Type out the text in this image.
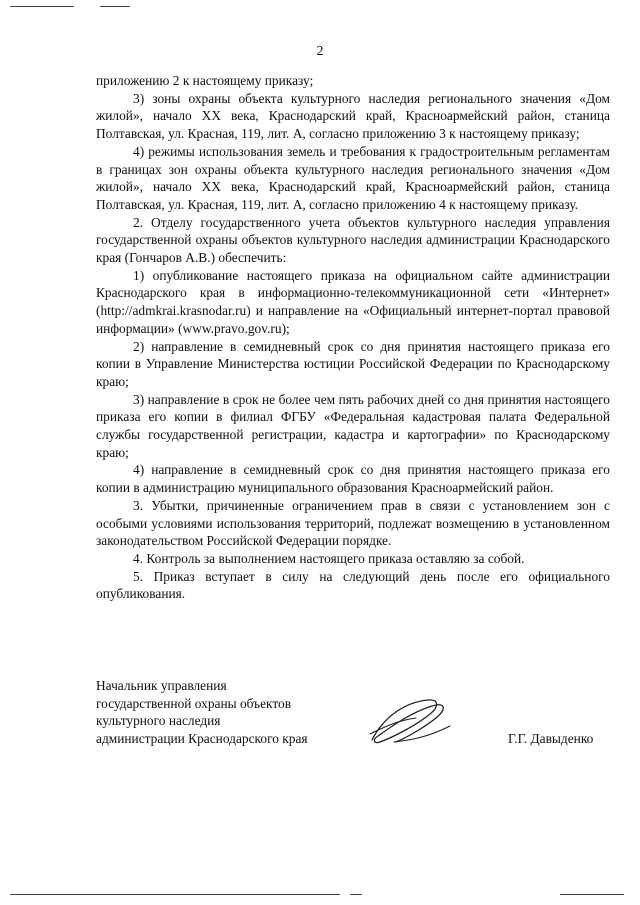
2

приложению 2 к настоящему приказу;

3) зоны охраны объекта культурного наследия регионального значения «Дом жилой», начало XX века, Краснодарский край, Красноармейский район, станица Полтавская, ул. Красная, 119, лит. А, согласно приложению 3 к настоящему приказу;

4) режимы использования земель и требования к градостроительным регламентам в границах зон охраны объекта культурного наследия регионального значения «Дом жилой», начало XX века, Краснодарский край, Красноармейский район, станица Полтавская, ул. Красная, 119, лит. А, согласно приложению 4 к настоящему приказу.

2. Отделу государственного учета объектов культурного наследия управления государственной охраны объектов культурного наследия администрации Краснодарского края (Гончаров А.В.) обеспечить:

1) опубликование настоящего приказа на официальном сайте администрации Краснодарского края в информационно-телекоммуникационной сети «Интернет» (http://admkrai.krasnodar.ru) и направление на «Официальный интернет-портал правовой информации» (www.pravo.gov.ru);

2) направление в семидневный срок со дня принятия настоящего приказа его копии в Управление Министерства юстиции Российской Федерации по Краснодарскому краю;

3) направление в срок не более чем пять рабочих дней со дня принятия настоящего приказа его копии в филиал ФГБУ «Федеральная кадастровая палата Федеральной службы государственной регистрации, кадастра и картографии» по Краснодарскому краю;

4) направление в семидневный срок со дня принятия настоящего приказа его копии в администрацию муниципального образования Красноармейский район.

3. Убытки, причиненные ограничением прав в связи с установлением зон с особыми условиями использования территорий, подлежат возмещению в установленном законодательством Российской Федерации порядке.

4. Контроль за выполнением настоящего приказа оставляю за собой.

5. Приказ вступает в силу на следующий день после его официального опубликования.

Начальник управления

государственной охраны объектов

культурного наследия

администрации Краснодарского края	Г.Г. Давыденко
